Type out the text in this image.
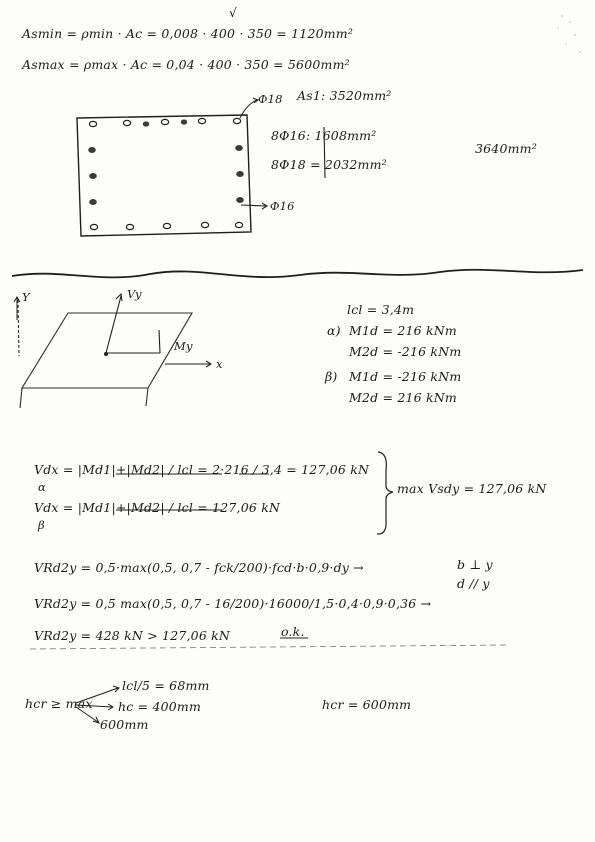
√
Asmin = ρmin · Ac = 0,008 · 400 · 350 = 1120mm²
Asmax = ρmax · Ac = 0,04 · 400 · 350 = 5600mm²
Φ18 As1: 3520mm²
8Φ16: 1608mm²
8Φ18 = 2032mm²
3640mm²
Φ16
Y	Vy
My
x
lcl = 3,4m
α) M1d = 216 kNm
M2d = -216 kNm
β) M1d = -216 kNm
M2d = 216 kNm
Vdx = |Md1|+|Md2| / lcl = 2·216 / 3,4 = 127,06 kN
α
Vdx = |Md1|+|Md2| / lcl = 127,06 kN
β
max Vsdy = 127,06 kN
VRd2y = 0,5·max(0,5, 0,7 - fck/200)·fcd·b·0,9·dy →	b ⊥ y
d // y
VRd2y = 0,5 max(0,5, 0,7 - 16/200)·16000/1,5·0,4·0,9·0,36 →
VRd2y = 428 kN > 127,06 kN	o.k.
hcr ≥ max
lcl/5 = 68mm
hc = 400mm
600mm
hcr = 600mm
